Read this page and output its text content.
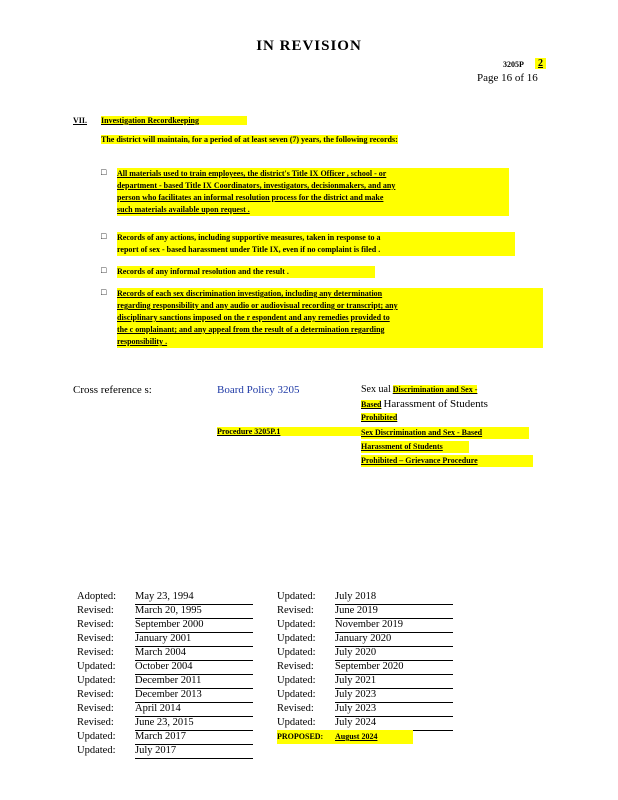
IN REVISION
3205P	2
Page 16 of 16
VII. Investigation Recordkeeping
The district will maintain, for a period of at least seven (7) years, the following records:
□ All materials used to train employees, the district's Title IX Officer , school - or
department - based Title IX Coordinators, investigators, decisionmakers, and any
person who facilitates an informal resolution process for the district and make
such materials available upon request .
□ Records of any actions, including supportive measures, taken in response to a
report of sex - based harassment under Title IX, even if no complaint is filed .
□ Records of any informal resolution and the result .
□ Records of each sex discrimination investigation, including any determination
regarding responsibility and any audio or audiovisual recording or transcript; any
disciplinary sanctions imposed on the r espondent and any remedies provided to
the c omplainant; and any appeal from the result of a determination regarding
responsibility .
Cross reference s:	Board Policy 3205	Sex ual Discrimination and Sex -
Based Harassment of Students
Prohibited
Procedure 3205P.1	Sex Discrimination and Sex - Based
Harassment of Students
Prohibited – Grievance Procedure
Adopted: May 23, 1994
Revised: March 20, 1995
Revised: September 2000
Revised: January 2001
Revised: March 2004
Updated: October 2004
Updated: December 2011
Revised: December 2013
Revised: April 2014
Revised: June 23, 2015
Updated: March 2017
Updated: July 2017
Updated: July 2018
Revised: June 2019
Updated: November 2019
Updated: January 2020
Updated: July 2020
Revised: September 2020
Updated: July 2021
Updated: July 2023
Revised: July 2023
Updated: July 2024
PROPOSED: August 2024
